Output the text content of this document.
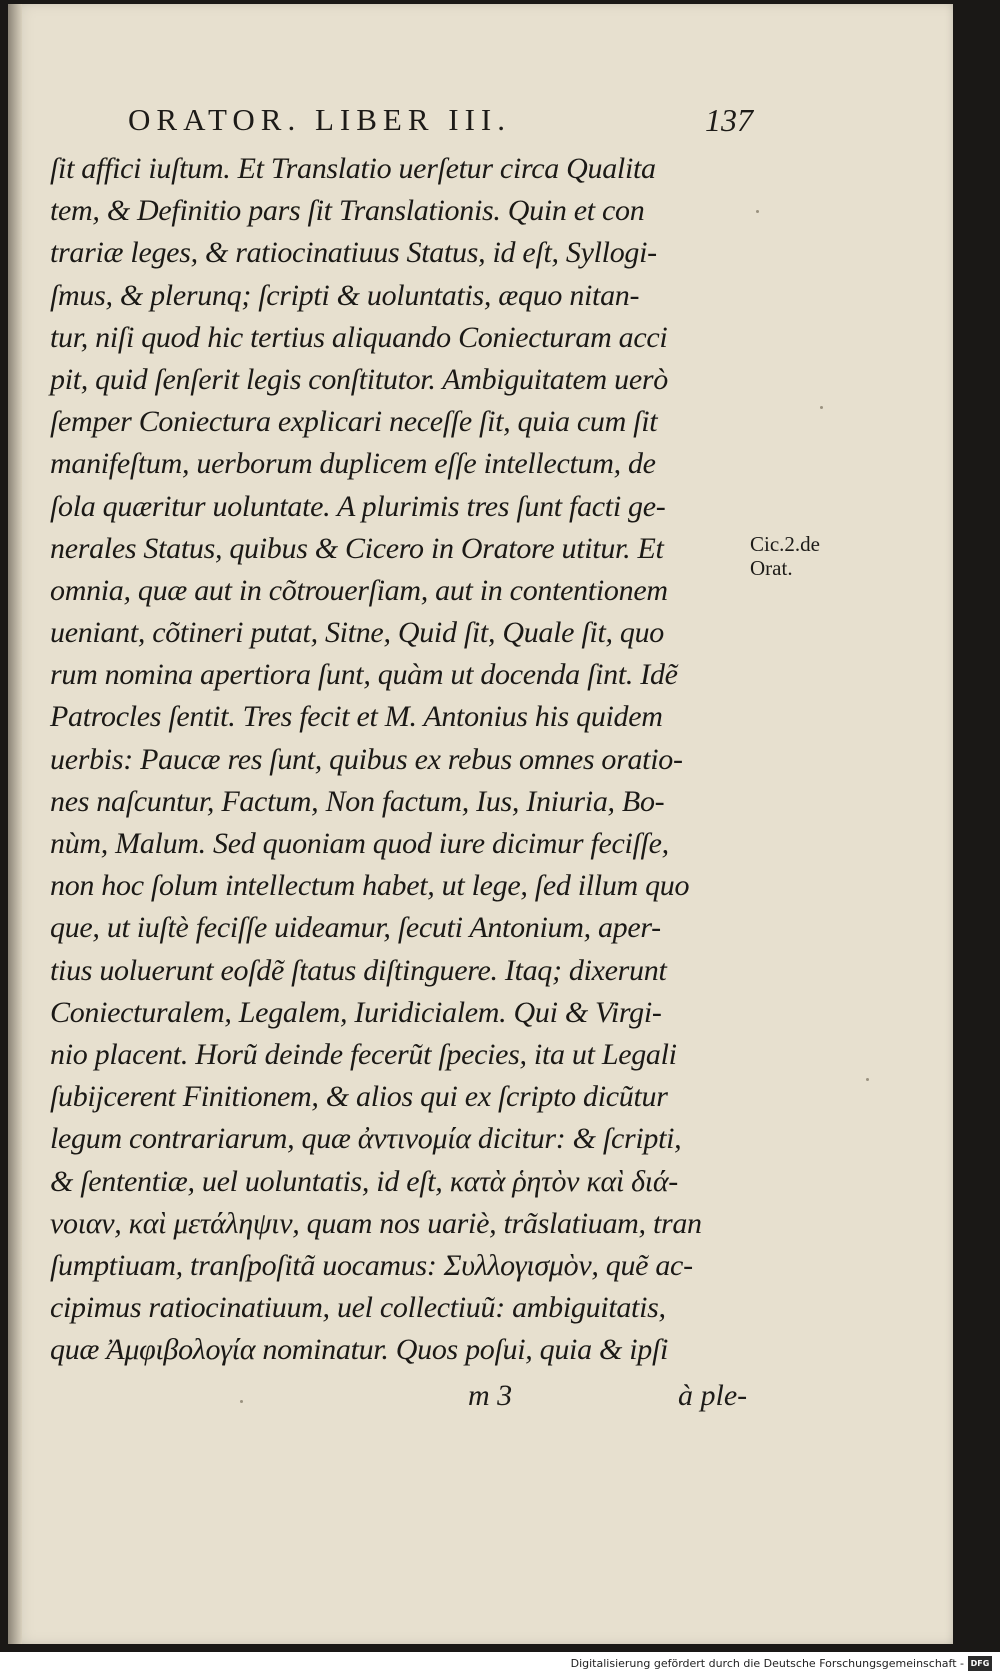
ORATOR. LIBER III.	137
ſit affici iuſtum. Et Translatio uerſetur circa Qualita
tem, & Definitio pars ſit Translationis. Quin et con
trariæ leges, & ratiocinatiuus Status, id eſt, Syllogi-
ſmus, & plerunq; ſcripti & uoluntatis, æquo nitan-
tur, niſi quod hic tertius aliquando Coniecturam acci
pit, quid ſenſerit legis conſtitutor. Ambiguitatem uerò
ſemper Coniectura explicari neceſſe ſit, quia cum ſit
manifeſtum, uerborum duplicem eſſe intellectum, de
ſola quæritur uoluntate. A plurimis tres ſunt facti ge-
nerales Status, quibus & Cicero in Oratore utitur. Et
omnia, quæ aut in cõtrouerſiam, aut in contentionem
ueniant, cõtineri putat, Sitne, Quid ſit, Quale ſit, quo
rum nomina apertiora ſunt, quàm ut docenda ſint. Idẽ
Patrocles ſentit. Tres fecit et M. Antonius his quidem
uerbis: Paucæ res ſunt, quibus ex rebus omnes oratio-
nes naſcuntur, Factum, Non factum, Ius, Iniuria, Bo-
nùm, Malum. Sed quoniam quod iure dicimur feciſſe,
non hoc ſolum intellectum habet, ut lege, ſed illum quo
que, ut iuſtè feciſſe uideamur, ſecuti Antonium, aper-
tius uoluerunt eoſdẽ ſtatus diſtinguere. Itaq; dixerunt
Coniecturalem, Legalem, Iuridicialem. Qui & Virgi-
nio placent. Horũ deinde fecerũt ſpecies, ita ut Legali
ſubijcerent Finitionem, & alios qui ex ſcripto dicũtur
legum contrariarum, quæ ἀντινομία dicitur: & ſcripti,
& ſententiæ, uel uoluntatis, id eſt, κατὰ ῥητὸν καὶ διά-
νοιαν, καὶ μετάληψιν, quam nos uariè, trãslatiuam, tran
ſumptiuam, tranſpoſitã uocamus: Συλλογισμὸν, quẽ ac-
cipimus ratiocinatiuum, uel collectiuũ: ambiguitatis,
quæ Ἀμφιβολογία nominatur. Quos poſui, quia & ipſi
Cic.2.de
Orat.
m 3	à ple-
Digitalisierung gefördert durch die Deutsche Forschungsgemeinschaft - DFG
